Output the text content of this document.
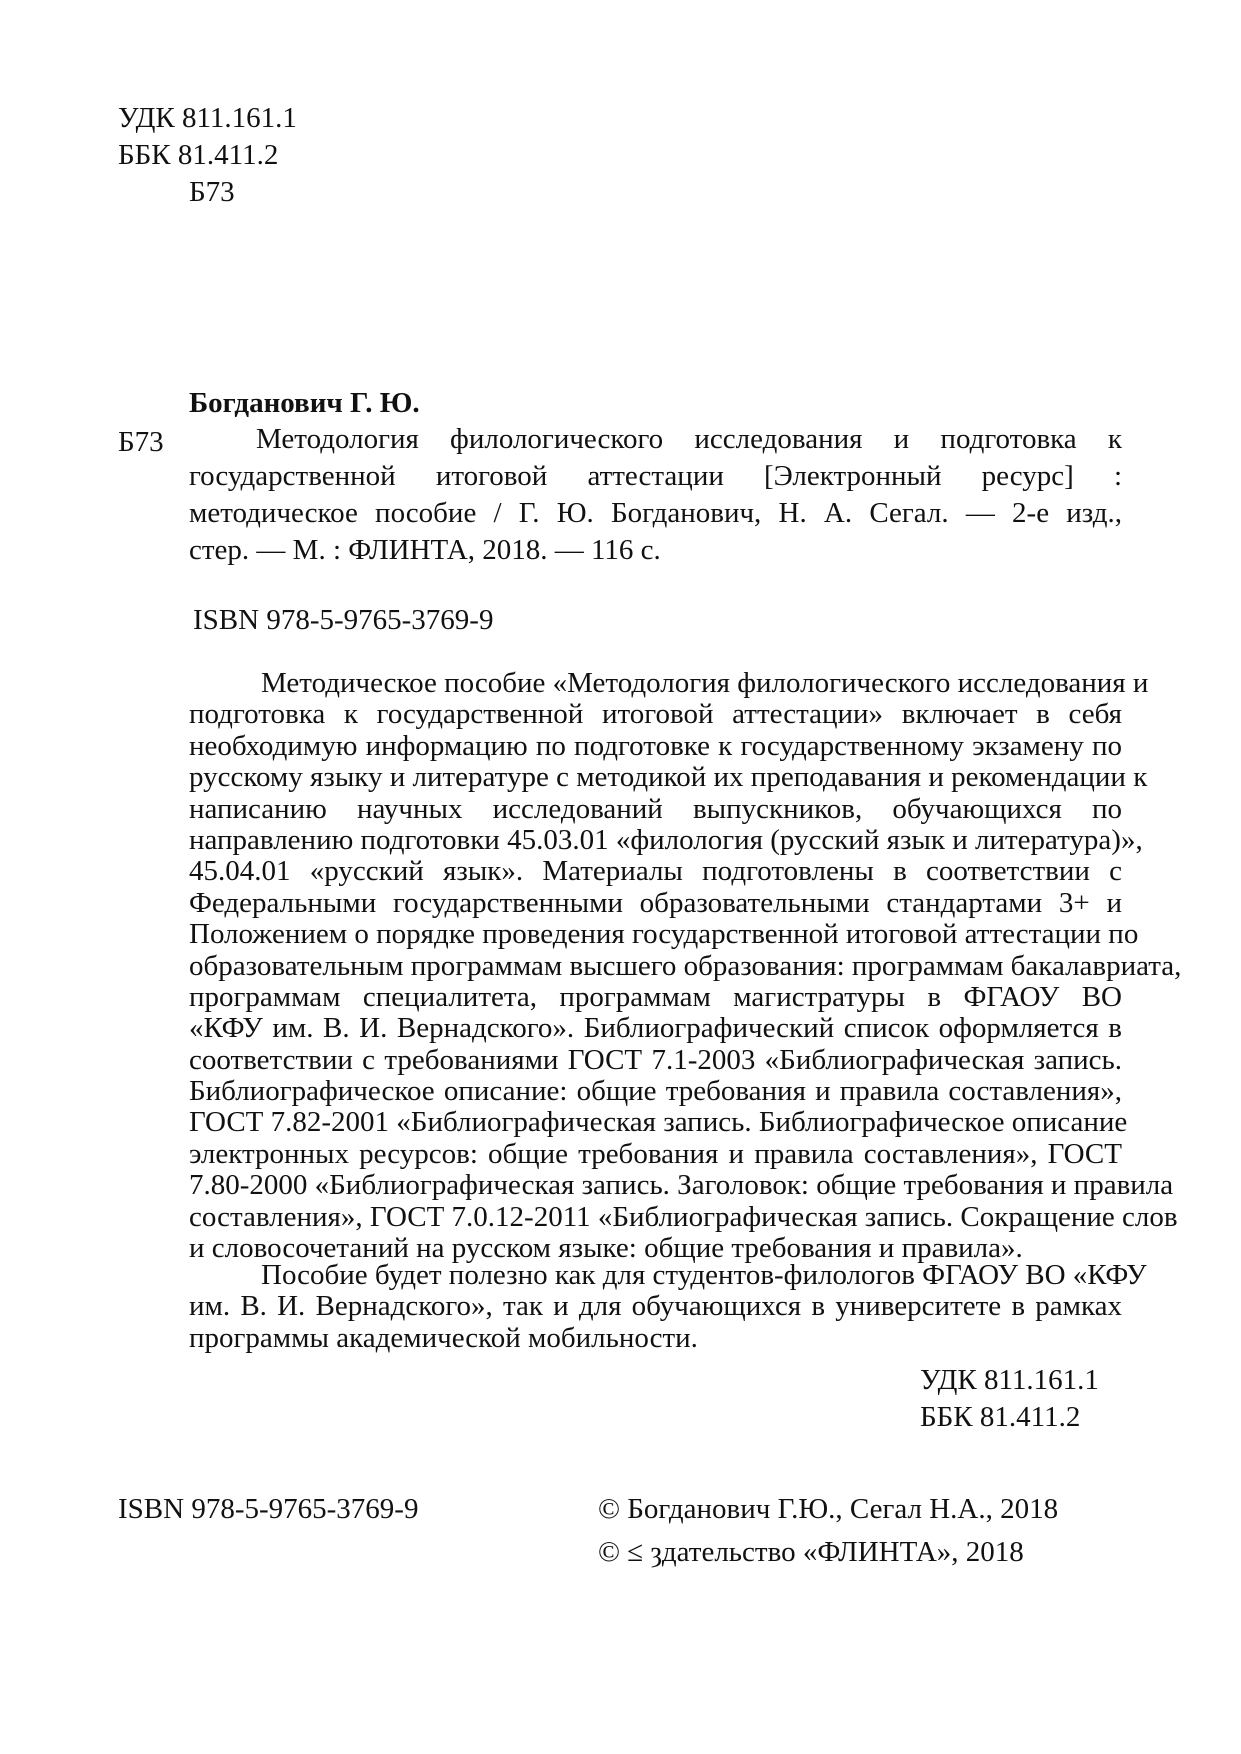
УДК 811.161.1
ББК 81.411.2
Б73
Богданович Г. Ю.
Б73	Методология филологического исследования и подготовка к
государственной итоговой аттестации [Электронный ресурс] :
методическое пособие / Г. Ю. Богданович, Н. А. Сегал. — 2-е изд.,
стер. — М. : ФЛИНТА, 2018. — 116 с.
ISBN 978-5-9765-3769-9
Методическое пособие «Методология филологического исследования и
подготовка к государственной итоговой аттестации» включает в себя
необходимую информацию по подготовке к государственному экзамену по
русскому языку и литературе с методикой их преподавания и рекомендации к
написанию научных исследований выпускников, обучающихся по
направлению подготовки 45.03.01 «филология (русский язык и литература)»,
45.04.01 «русский язык». Материалы подготовлены в соответствии с
Федеральными государственными образовательными стандартами 3+ и
Положением о порядке проведения государственной итоговой аттестации по
образовательным программам высшего образования: программам бакалавриата,
программам специалитета, программам магистратуры в ФГАОУ ВО
«КФУ им. В. И. Вернадского». Библиографический список оформляется в
соответствии с требованиями ГОСТ 7.1-2003 «Библиографическая запись.
Библиографическое описание: общие требования и правила составления»,
ГОСТ 7.82-2001 «Библиографическая запись. Библиографическое описание
электронных ресурсов: общие требования и правила составления», ГОСТ
7.80-2000 «Библиографическая запись. Заголовок: общие требования и правила
составления», ГОСТ 7.0.12-2011 «Библиографическая запись. Сокращение слов
и словосочетаний на русском языке: общие требования и правила».
Пособие будет полезно как для студентов-филологов ФГАОУ ВО «КФУ
им. В. И. Вернадского», так и для обучающихся в университете в рамках
программы академической мобильности.
УДК 811.161.1
ББК 81.411.2
ISBN 978-5-9765-3769-9	© Богданович Г.Ю., Сегал Н.А., 2018
© ≤ ȝдательство «ФЛИНТА», 2018
